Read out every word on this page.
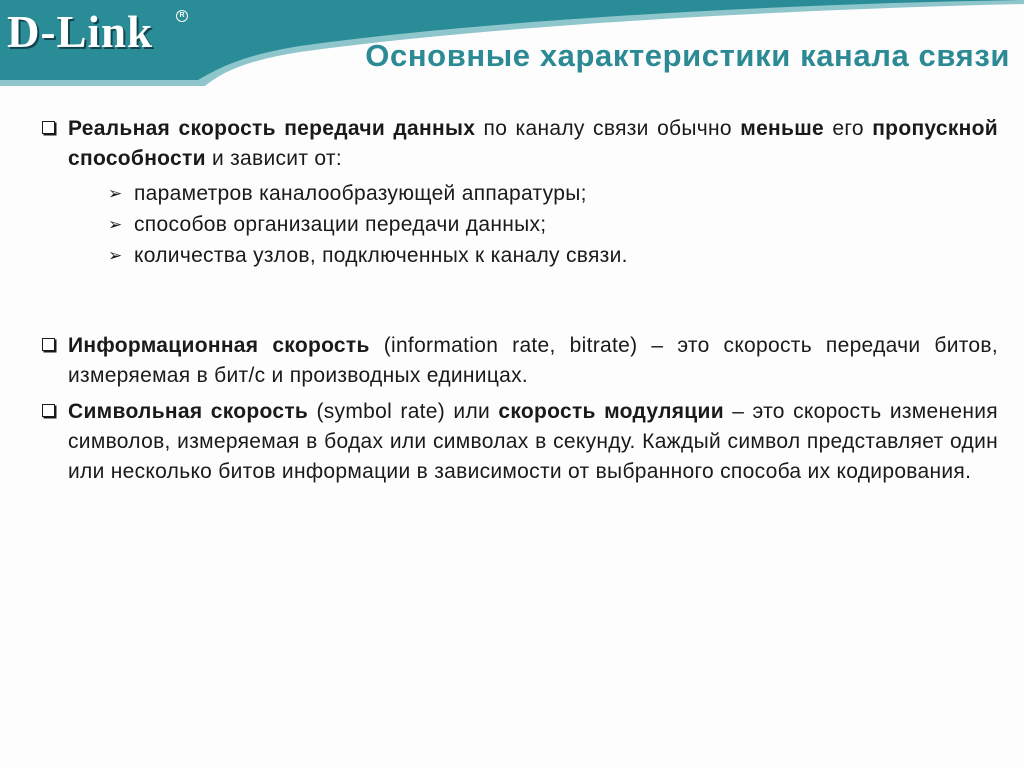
D-Link	R
Основные характеристики канала связи
Реальная скорость передачи данных по каналу связи обычно меньше его пропускной способности и зависит от:
➢ параметров каналообразующей аппаратуры;
➢ способов организации передачи данных;
➢ количества узлов, подключенных к каналу связи.
Информационная скорость (information rate, bitrate) – это скорость передачи битов, измеряемая в бит/с и производных единицах.
Символьная скорость (symbol rate) или скорость модуляции – это скорость изменения символов, измеряемая в бодах или символах в секунду. Каждый символ представляет один или несколько битов информации в зависимости от выбранного способа их кодирования.
